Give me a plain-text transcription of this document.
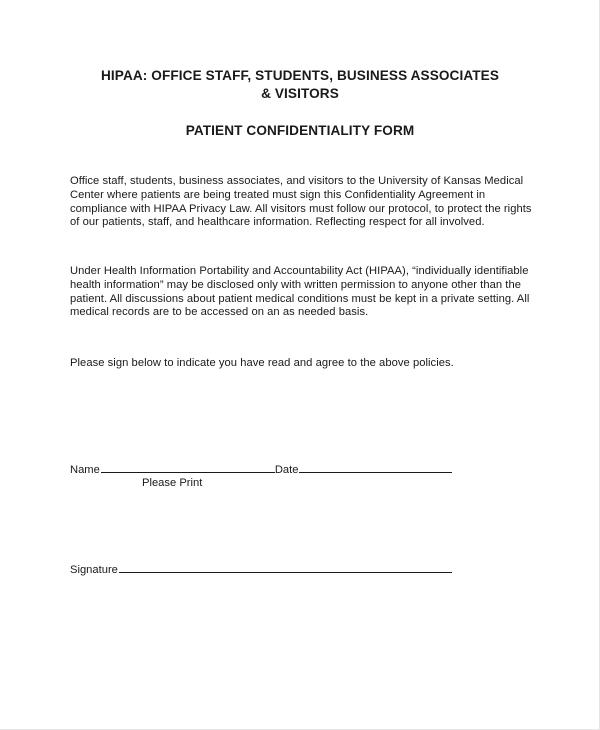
HIPAA: OFFICE STAFF, STUDENTS, BUSINESS ASSOCIATES
& VISITORS
PATIENT CONFIDENTIALITY FORM
Office staff, students, business associates, and visitors to the University of Kansas Medical Center where patients are being treated must sign this Confidentiality Agreement in compliance with HIPAA Privacy Law. All visitors must follow our protocol, to protect the rights of our patients, staff, and healthcare information. Reflecting respect for all involved.
Under Health Information Portability and Accountability Act (HIPAA), “individually identifiable health information” may be disclosed only with written permission to anyone other than the patient. All discussions about patient medical conditions must be kept in a private setting. All medical records are to be accessed on an as needed basis.
Please sign below to indicate you have read and agree to the above policies.
Name	Date
Please Print
Signature
